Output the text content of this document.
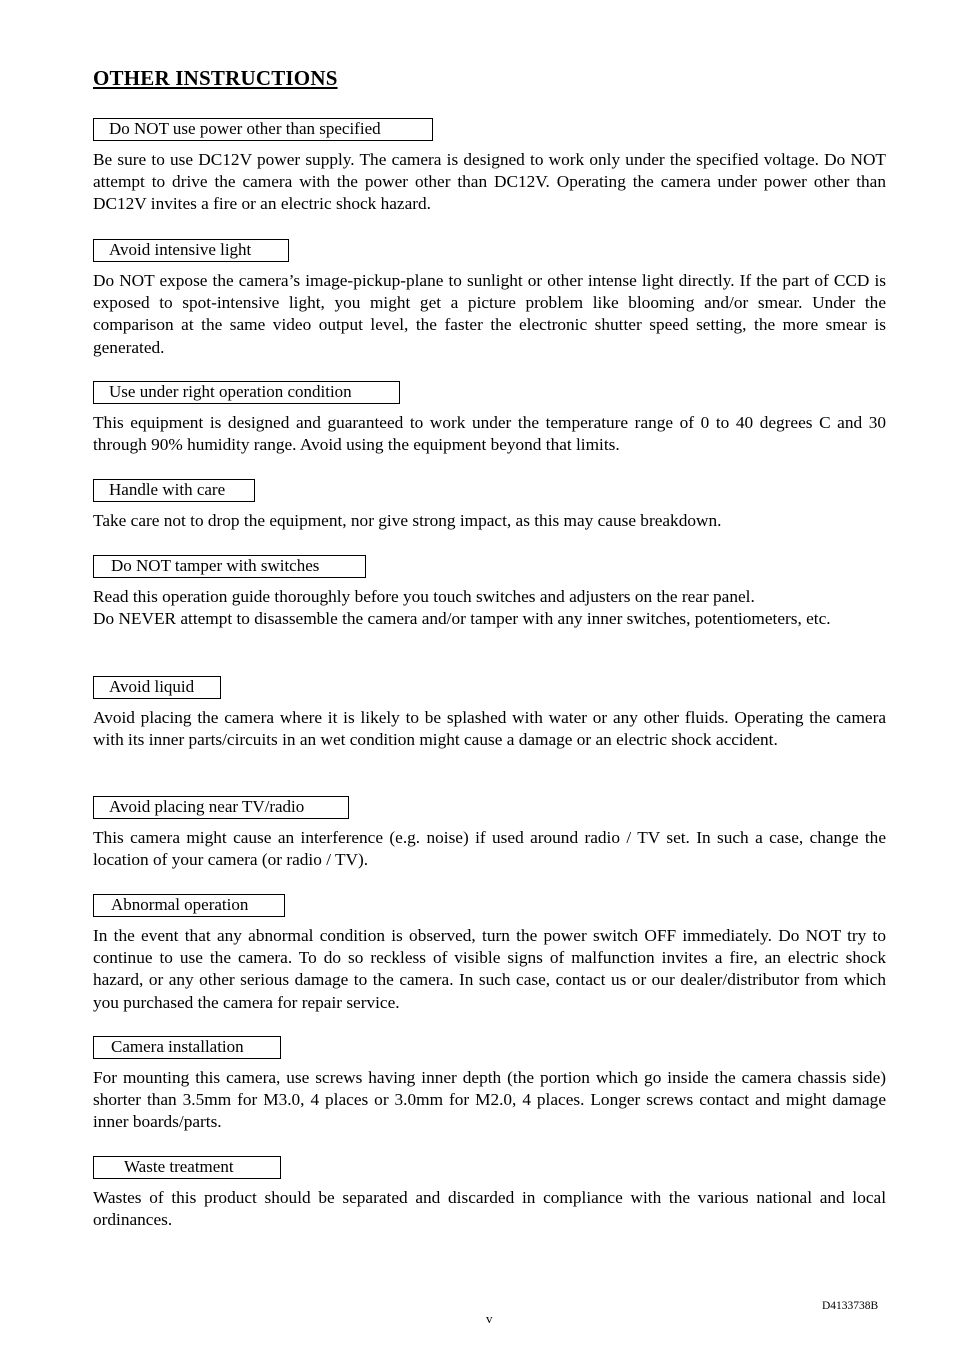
OTHER INSTRUCTIONS
Do NOT use power other than specified
Be sure to use DC12V power supply. The camera is designed to work only under the specified voltage. Do NOT attempt to drive the camera with the power other than DC12V. Operating the camera under power other than DC12V invites a fire or an electric shock hazard.
Avoid intensive light
Do NOT expose the camera’s image-pickup-plane to sunlight or other intense light directly. If the part of CCD is exposed to spot-intensive light, you might get a picture problem like blooming and/or smear. Under the comparison at the same video output level, the faster the electronic shutter speed setting, the more smear is generated.
Use under right operation condition
This equipment is designed and guaranteed to work under the temperature range of 0 to 40 degrees C and 30 through 90% humidity range. Avoid using the equipment beyond that limits.
Handle with care
Take care not to drop the equipment, nor give strong impact, as this may cause breakdown.
Do NOT tamper with switches
Read this operation guide thoroughly before you touch switches and adjusters on the rear panel.
Do NEVER attempt to disassemble the camera and/or tamper with any inner switches, potentiometers, etc.
Avoid liquid
Avoid placing the camera where it is likely to be splashed with water or any other fluids. Operating the camera with its inner parts/circuits in an wet condition might cause a damage or an electric shock accident.
Avoid placing near TV/radio
This camera might cause an interference (e.g. noise) if used around radio / TV set. In such a case, change the location of your camera (or radio / TV).
Abnormal operation
In the event that any abnormal condition is observed, turn the power switch OFF immediately. Do NOT try to continue to use the camera. To do so reckless of visible signs of malfunction invites a fire, an electric shock hazard, or any other serious damage to the camera. In such case, contact us or our dealer/distributor from which you purchased the camera for repair service.
Camera installation
For mounting this camera, use screws having inner depth (the portion which go inside the camera chassis side) shorter than 3.5mm for M3.0, 4 places or 3.0mm for M2.0, 4 places. Longer screws contact and might damage inner boards/parts.
Waste treatment
Wastes of this product should be separated and discarded in compliance with the various national and local ordinances.
D4133738B
v
